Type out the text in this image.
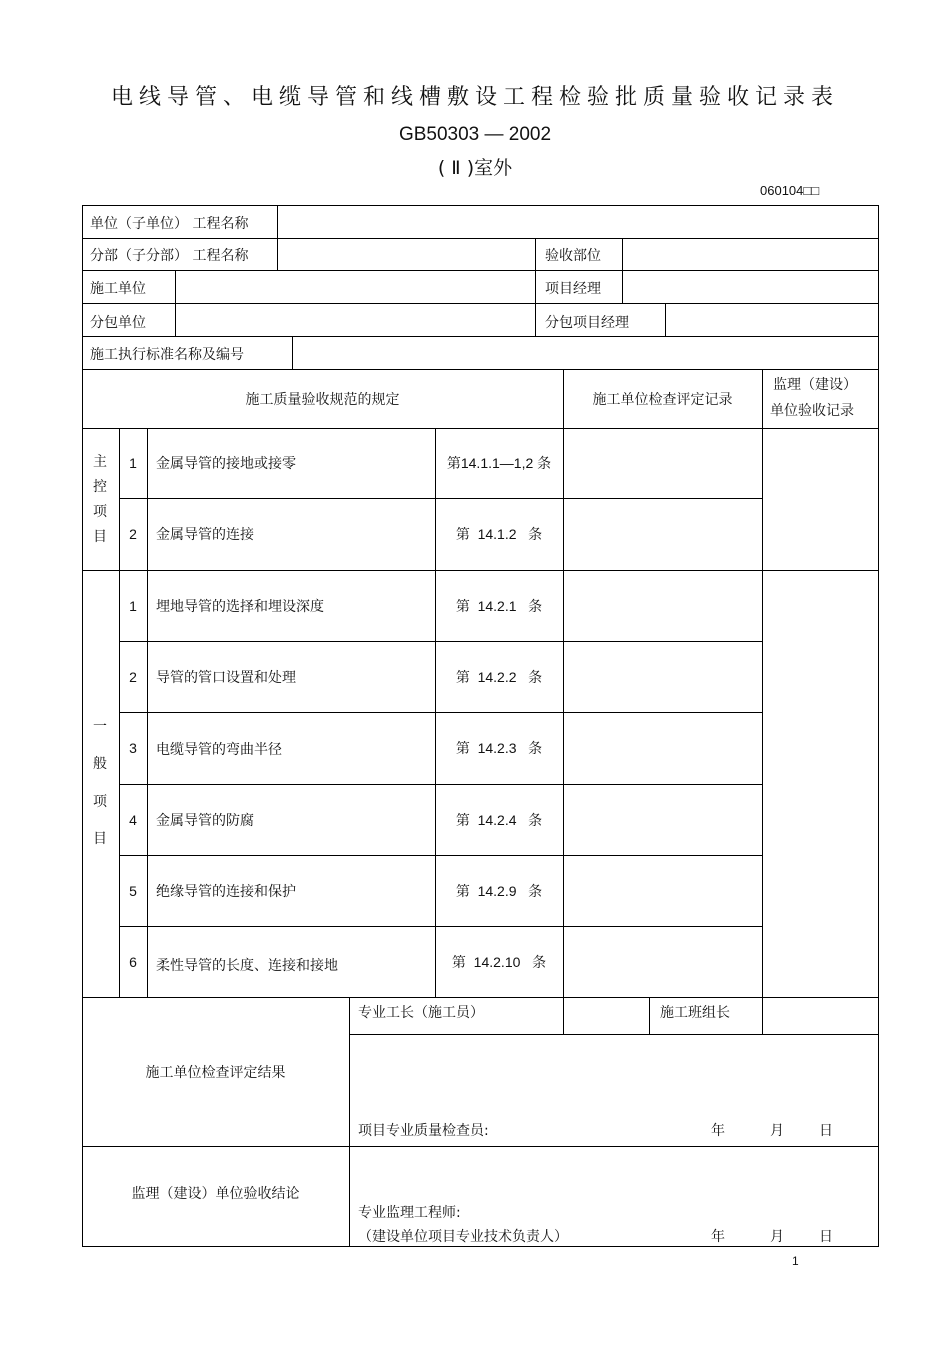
电线导管、电缆导管和线槽敷设工程检验批质量验收记录表
GB50303 — 2002
( Ⅱ )室外
060104□□
单位（子单位） 工程名称
分部（子分部） 工程名称	验收部位
施工单位	项目经理
分包单位	分包项目经理
施工执行标准名称及编号
施工质量验收规范的规定	施工单位检查评定记录
监理（建设）
单位验收记录
主
控
项
目
1	金属导管的接地或接零	第14.1.1—1,2 条
2	金属导管的连接	第  14.1.2   条
一
般
项
目
1	埋地导管的选择和埋设深度	第  14.2.1   条
2	导管的管口设置和处理	第  14.2.2   条
3	电缆导管的弯曲半径	第  14.2.3   条
4	金属导管的防腐	第  14.2.4   条
5	绝缘导管的连接和保护	第  14.2.9   条
6	柔性导管的长度、连接和接地	第  14.2.10   条
专业工长（施工员）	施工班组长
施工单位检查评定结果
项目专业质量检查员:	年	月	日
监理（建设）单位验收结论
专业监理工程师:
（建设单位项目专业技术负责人）	年	月	日
1
